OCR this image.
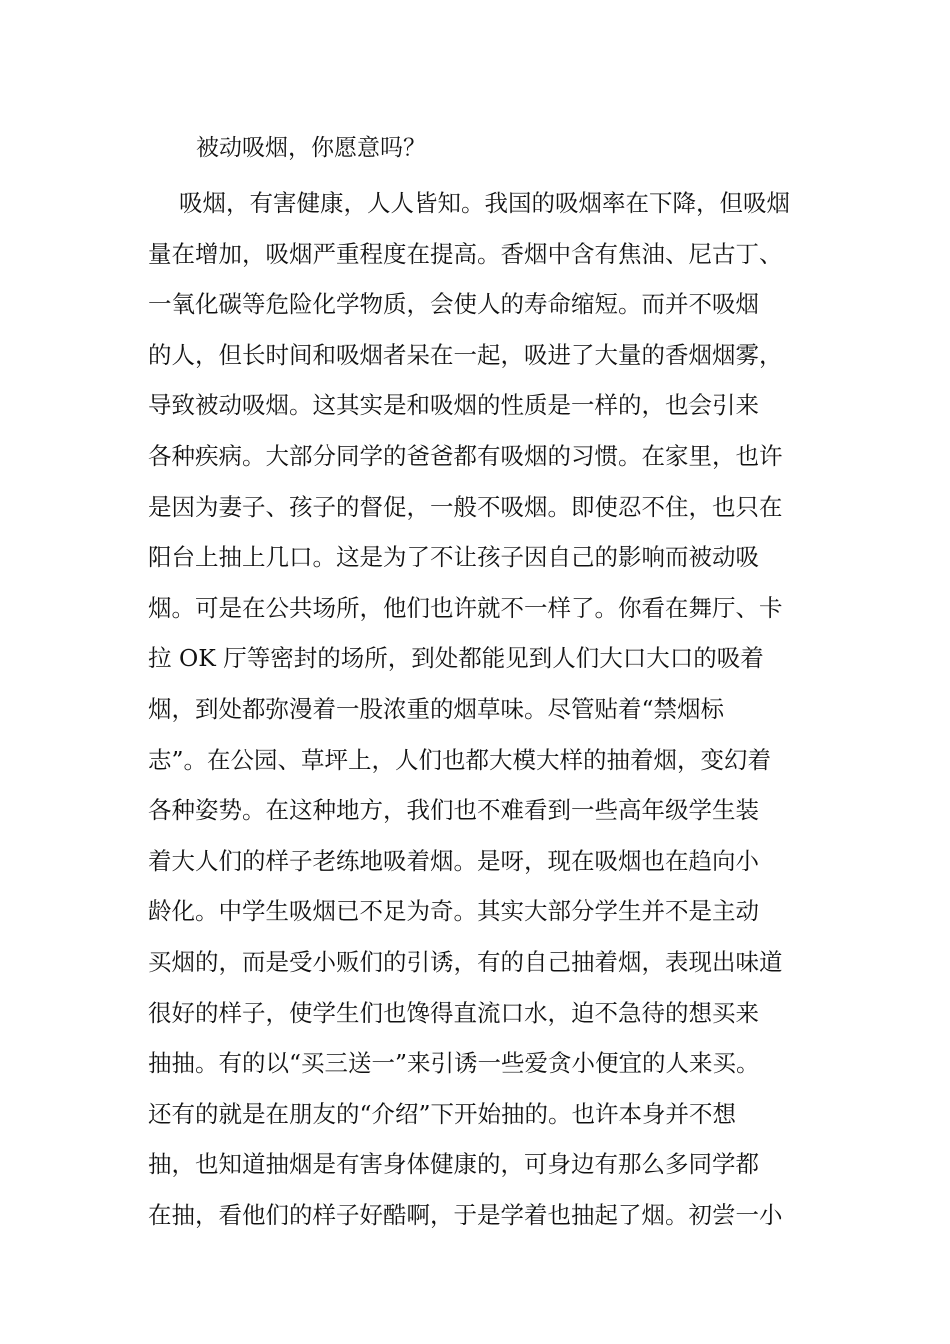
被动吸烟，你愿意吗？
吸烟，有害健康，人人皆知。我国的吸烟率在下降，但吸烟
量在增加，吸烟严重程度在提高。香烟中含有焦油、尼古丁、
一氧化碳等危险化学物质，会使人的寿命缩短。而并不吸烟
的人，但长时间和吸烟者呆在一起，吸进了大量的香烟烟雾，
导致被动吸烟。这其实是和吸烟的性质是一样的，也会引来
各种疾病。大部分同学的爸爸都有吸烟的习惯。在家里，也许
是因为妻子、孩子的督促，一般不吸烟。即使忍不住，也只在
阳台上抽上几口。这是为了不让孩子因自己的影响而被动吸
烟。可是在公共场所，他们也许就不一样了。你看在舞厅、卡
拉 OK 厅等密封的场所，到处都能见到人们大口大口的吸着
烟，到处都弥漫着一股浓重的烟草味。尽管贴着“禁烟标
志”。在公园、草坪上，人们也都大模大样的抽着烟，变幻着
各种姿势。在这种地方，我们也不难看到一些高年级学生装
着大人们的样子老练地吸着烟。是呀，现在吸烟也在趋向小
龄化。中学生吸烟已不足为奇。其实大部分学生并不是主动
买烟的，而是受小贩们的引诱，有的自己抽着烟，表现出味道
很好的样子，使学生们也馋得直流口水，迫不急待的想买来
抽抽。有的以“买三送一”来引诱一些爱贪小便宜的人来买。
还有的就是在朋友的“介绍”下开始抽的。也许本身并不想
抽，也知道抽烟是有害身体健康的，可身边有那么多同学都
在抽，看他们的样子好酷啊，于是学着也抽起了烟。初尝一小
